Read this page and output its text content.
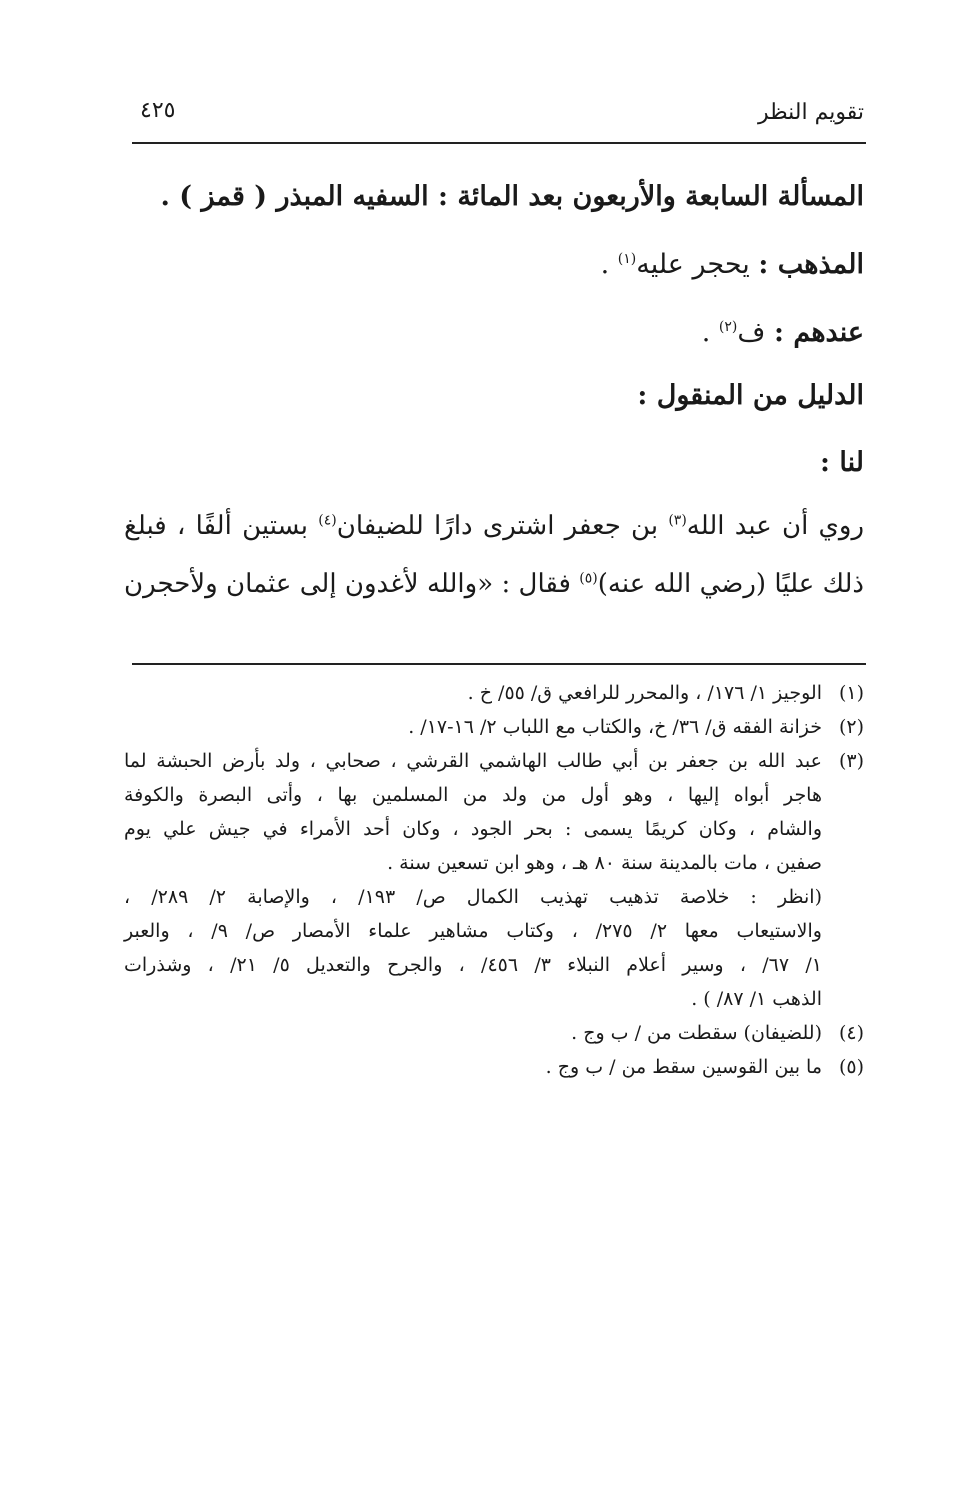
تقويم النظر
٤٢٥
المسألة السابعة والأربعون بعد المائة : السفيه المبذر ( قمز ) .
المذهب : يحجر عليه$^{(١)}$ .
عندهم : ف$^{(٢)}$ .
الدليل من المنقول :
لنا :
روي أن عبد الله$^{(٣)}$ بن جعفر اشترى دارًا للضيفان$^{(٤)}$ بستين ألفًا ، فبلغ
ذلك عليًا (رضي الله عنه)$^{(٥)}$ فقال : «والله لأغدون إلى عثمان ولأحجرن
(١)
الوجيز ١/ ١٧٦/ ، والمحرر للرافعي ق/ ٥٥/ خ .
(٢)
خزانة الفقه ق/ ٣٦/ خ، والكتاب مع اللباب ٢/ ١٦-١٧/ .
(٣)
عبد الله بن جعفر بن أبي طالب الهاشمي القرشي ، صحابي ، ولد بأرض الحبشة لما
هاجر أبواه إليها ، وهو أول من ولد من المسلمين بها ، وأتى البصرة والكوفة
والشام ، وكان كريمًا يسمى : بحر الجود ، وكان أحد الأمراء في جيش علي يوم
صفين ، مات بالمدينة سنة ٨٠ هـ ، وهو ابن تسعين سنة .
(انظر : خلاصة تذهيب تهذيب الكمال ص/ ١٩٣/ ، والإصابة ٢/ ٢٨٩/ ،
والاستيعاب معها ٢/ ٢٧٥/ ، وكتاب مشاهير علماء الأمصار ص/ ٩/ ، والعبر
١/ ٦٧/ ، وسير أعلام النبلاء ٣/ ٤٥٦/ ، والجرح والتعديل ٥/ ٢١/ ، وشذرات
الذهب ١/ ٨٧/ ) .
(٤)
(للضيفان) سقطت من / ب وج .
(٥)
ما بين القوسين سقط من / ب وج .
